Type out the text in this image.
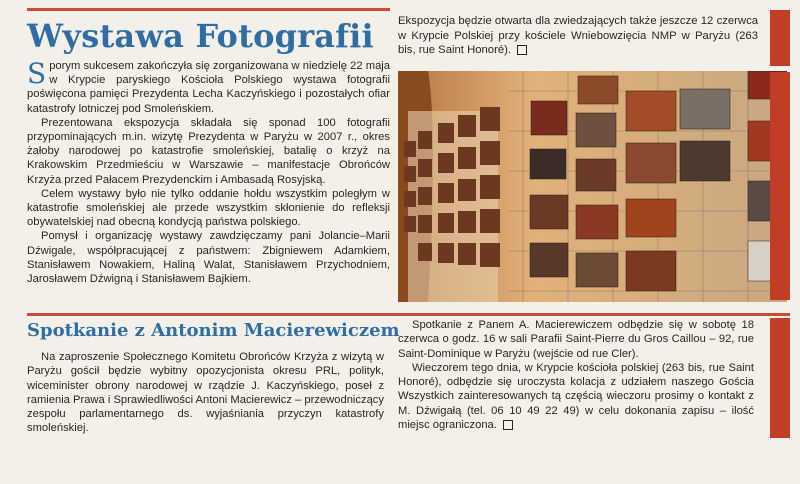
Wystawa Fotografii

Sporym sukcesem zakończyła się zorganizowana w niedzielę 22 maja w Krypcie paryskiego Kościoła Polskiego wystawa fotografii poświęcona pamięci Prezydenta Lecha Kaczyńskiego i pozostałych ofiar katastrofy lotniczej pod Smoleńskiem.

Prezentowana ekspozycja składała się sponad 100 fotografii przypominających m.in. wizytę Prezydenta w Paryżu w 2007 r., okres żałoby narodowej po katastrofie smoleńskiej, batalię o krzyż na Krakowskim Przedmieściu w Warszawie – manifestacje Obrońców Krzyża przed Pałacem Prezydenckim i Ambasadą Rosyjską.

Celem wystawy było nie tylko oddanie hołdu wszystkim poległym w katastrofie smoleńskiej ale przede wszystkim skłonienie do refleksji obywatelskiej nad obecną kondycją państwa polskiego.

Pomysł i organizację wystawy zawdzięczamy pani Jolancie–Marii Dźwigale, współpracującej z państwem: Zbigniewem Adamkiem, Stanisławem Nowakiem, Haliną Walat, Stanisławem Przychodniem, Jarosławem Dźwigną i Stanisławem Bajkiem.

Ekspozycja będzie otwarta dla zwiedzających także jeszcze 12 czerwca w Krypcie Polskiej przy kościele Wniebowzięcia NMP w Paryżu (263 bis, rue Saint Honoré).
Spotkanie z Antonim Macierewiczem

Na zaproszenie Społecznego Komitetu Obrońców Krzyża z wizytą w Paryżu gościł będzie wybitny opozycjonista okresu PRL, polityk, wiceminister obrony narodowej w rządzie J. Kaczyńskiego, poseł z ramienia Prawa i Sprawiedliwości Antoni Macierewicz – przewodniczący zespołu parlamentarnego ds. wyjaśniania przyczyn katastrofy smoleńskiej.

Spotkanie z Panem A. Macierewiczem odbędzie się w sobotę 18 czerwca o godz. 16 w sali Parafii Saint-Pierre du Gros Caillou – 92, rue Saint-Dominique w Paryżu (wejście od rue Cler).

Wieczorem tego dnia, w Krypcie kościoła polskiej (263 bis, rue Saint Honoré), odbędzie się uroczysta kolacja z udziałem naszego Gościa Wszystkich zainteresowanych tą częścią wieczoru prosimy o kontakt z M. Dźwigałą (tel. 06 10 49 22 49) w celu dokonania zapisu – ilość miejsc ograniczona.
